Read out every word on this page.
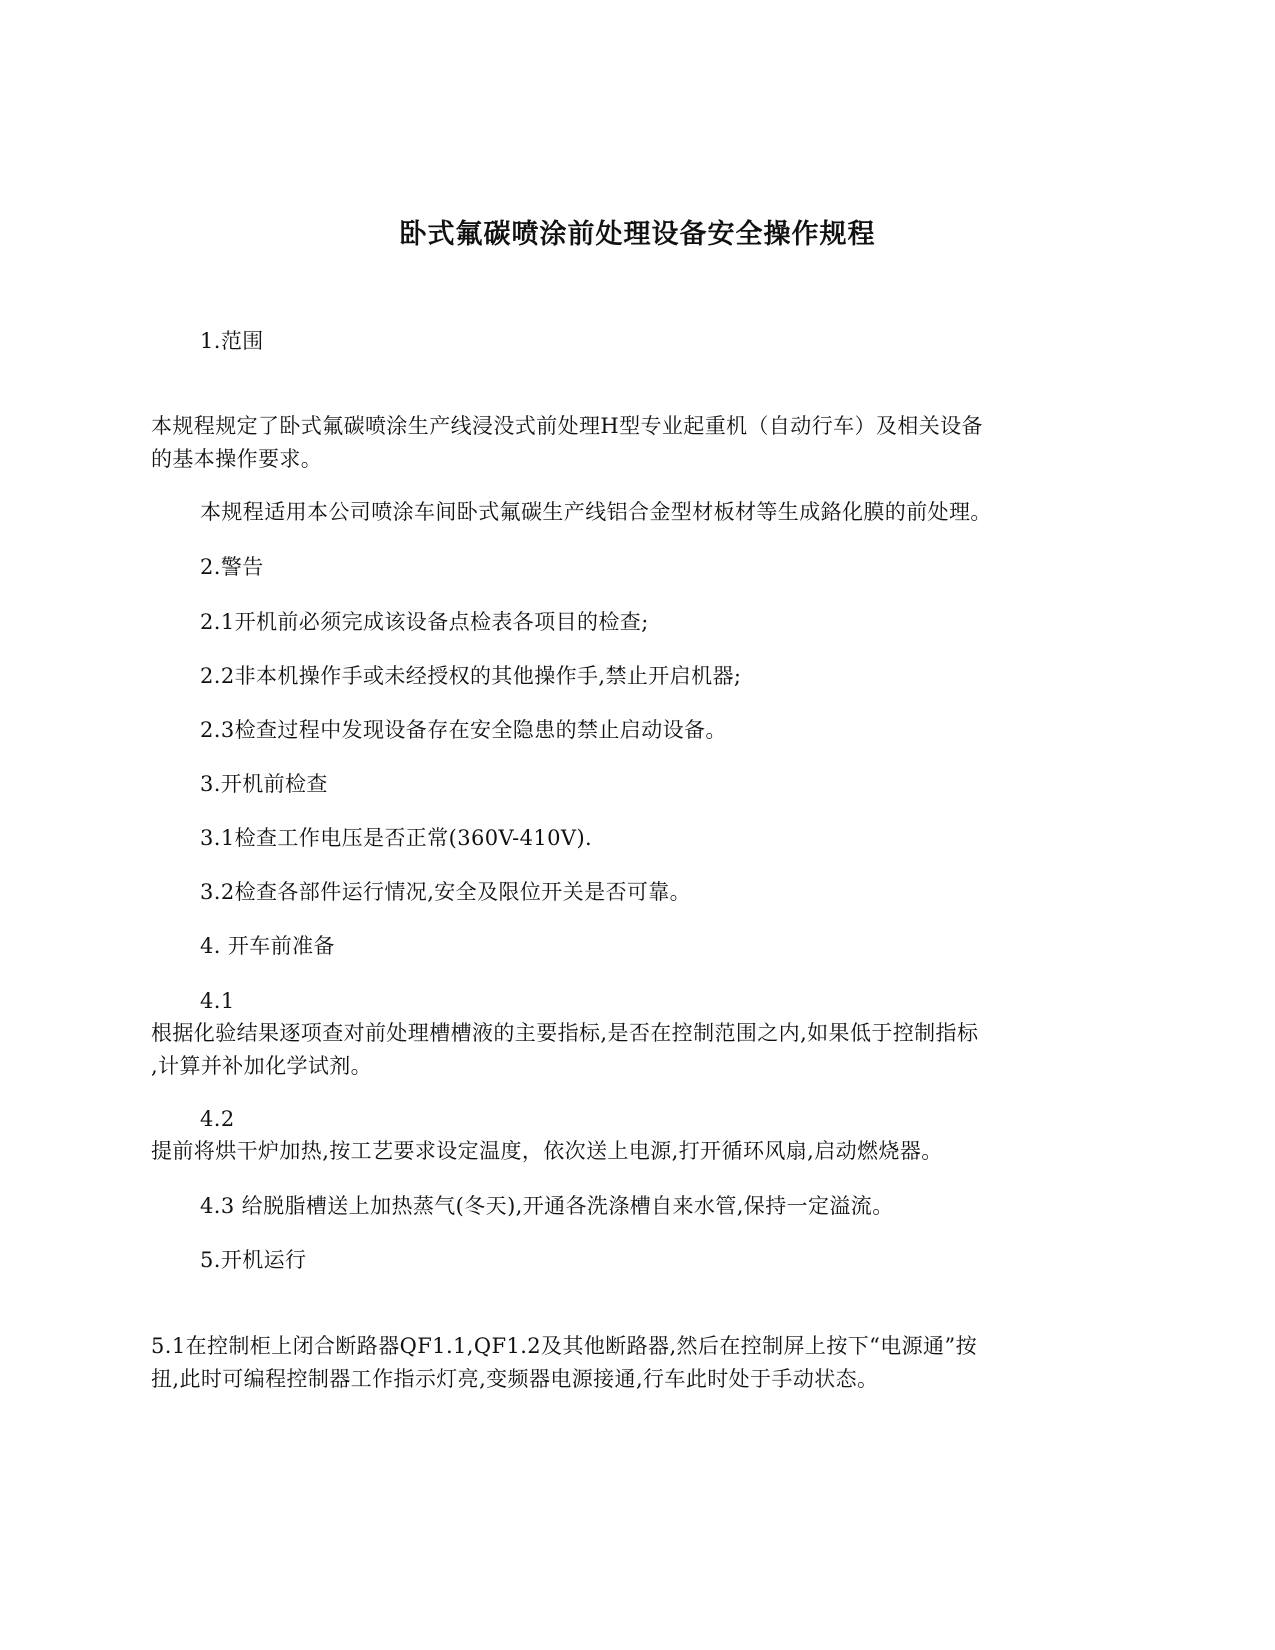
卧式氟碳喷涂前处理设备安全操作规程
1.范围
本规程规定了卧式氟碳喷涂生产线浸没式前处理H型专业起重机（自动行车）及相关设备
的基本操作要求。
本规程适用本公司喷涂车间卧式氟碳生产线铝合金型材板材等生成鉻化膜的前处理。
2.警告
2.1开机前必须完成该设备点检表各项目的检查;
2.2非本机操作手或未经授权的其他操作手,禁止开启机器;
2.3检查过程中发现设备存在安全隐患的禁止启动设备。
3.开机前检查
3.1检查工作电压是否正常(360V-410V).
3.2检查各部件运行情况,安全及限位开关是否可靠。
4. 开车前准备
4.1
根据化验结果逐项查对前处理槽槽液的主要指标,是否在控制范围之内,如果低于控制指标
,计算并补加化学试剂。
4.2
提前将烘干炉加热,按工艺要求设定温度，依次送上电源,打开循环风扇,启动燃烧器。
4.3 给脱脂槽送上加热蒸气(冬天),开通各洗涤槽自来水管,保持一定溢流。
5.开机运行
5.1在控制柜上闭合断路器QF1.1,QF1.2及其他断路器,然后在控制屏上按下“电源通”按
扭,此时可编程控制器工作指示灯亮,变频器电源接通,行车此时处于手动状态。
